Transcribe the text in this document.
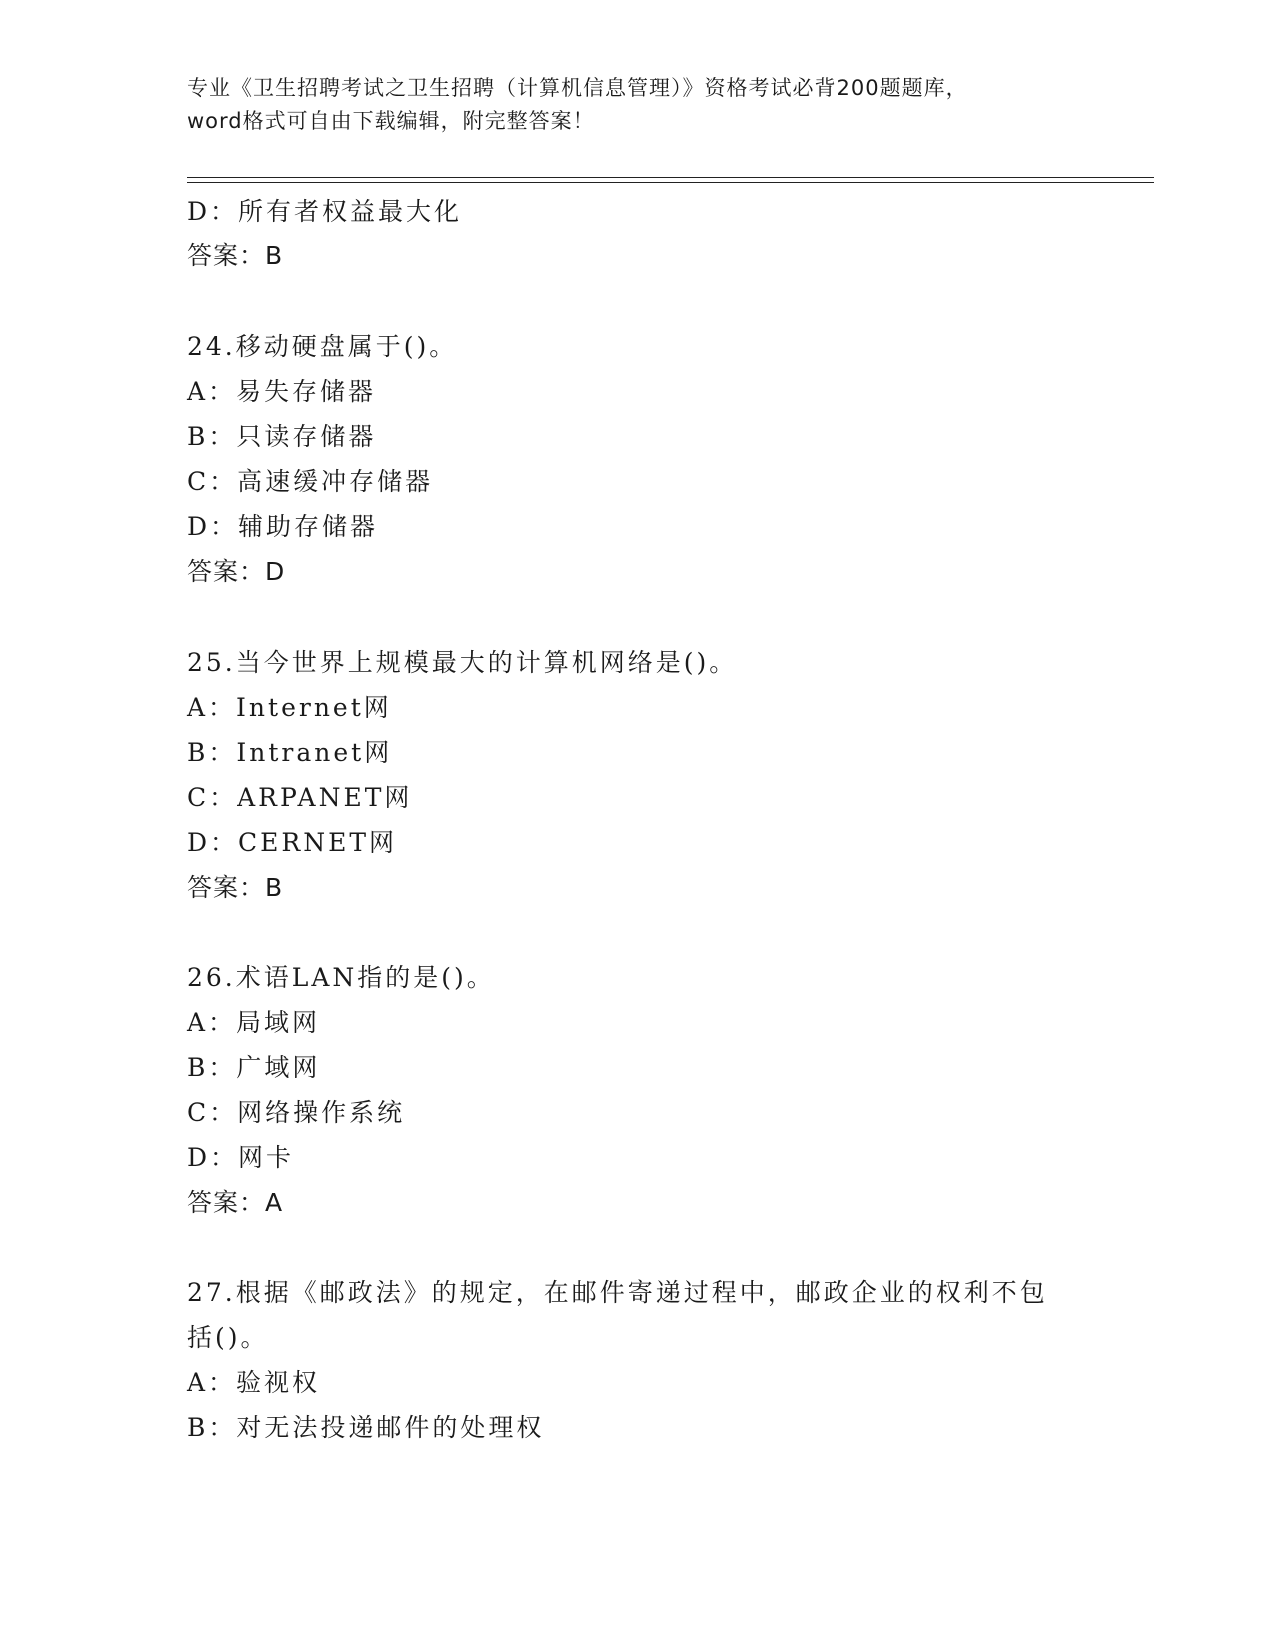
专业《卫生招聘考试之卫生招聘（计算机信息管理）》资格考试必背200题题库，
word格式可自由下载编辑，附完整答案！
D：所有者权益最大化
答案：B
24.移动硬盘属于()。
A：易失存储器
B：只读存储器
C：高速缓冲存储器
D：辅助存储器
答案：D
25.当今世界上规模最大的计算机网络是()。
A：Internet网
B：Intranet网
C：ARPANET网
D：CERNET网
答案：B
26.术语LAN指的是()。
A：局域网
B：广域网
C：网络操作系统
D：网卡
答案：A
27.根据《邮政法》的规定，在邮件寄递过程中，邮政企业的权利不包
括()。
A：验视权
B：对无法投递邮件的处理权
